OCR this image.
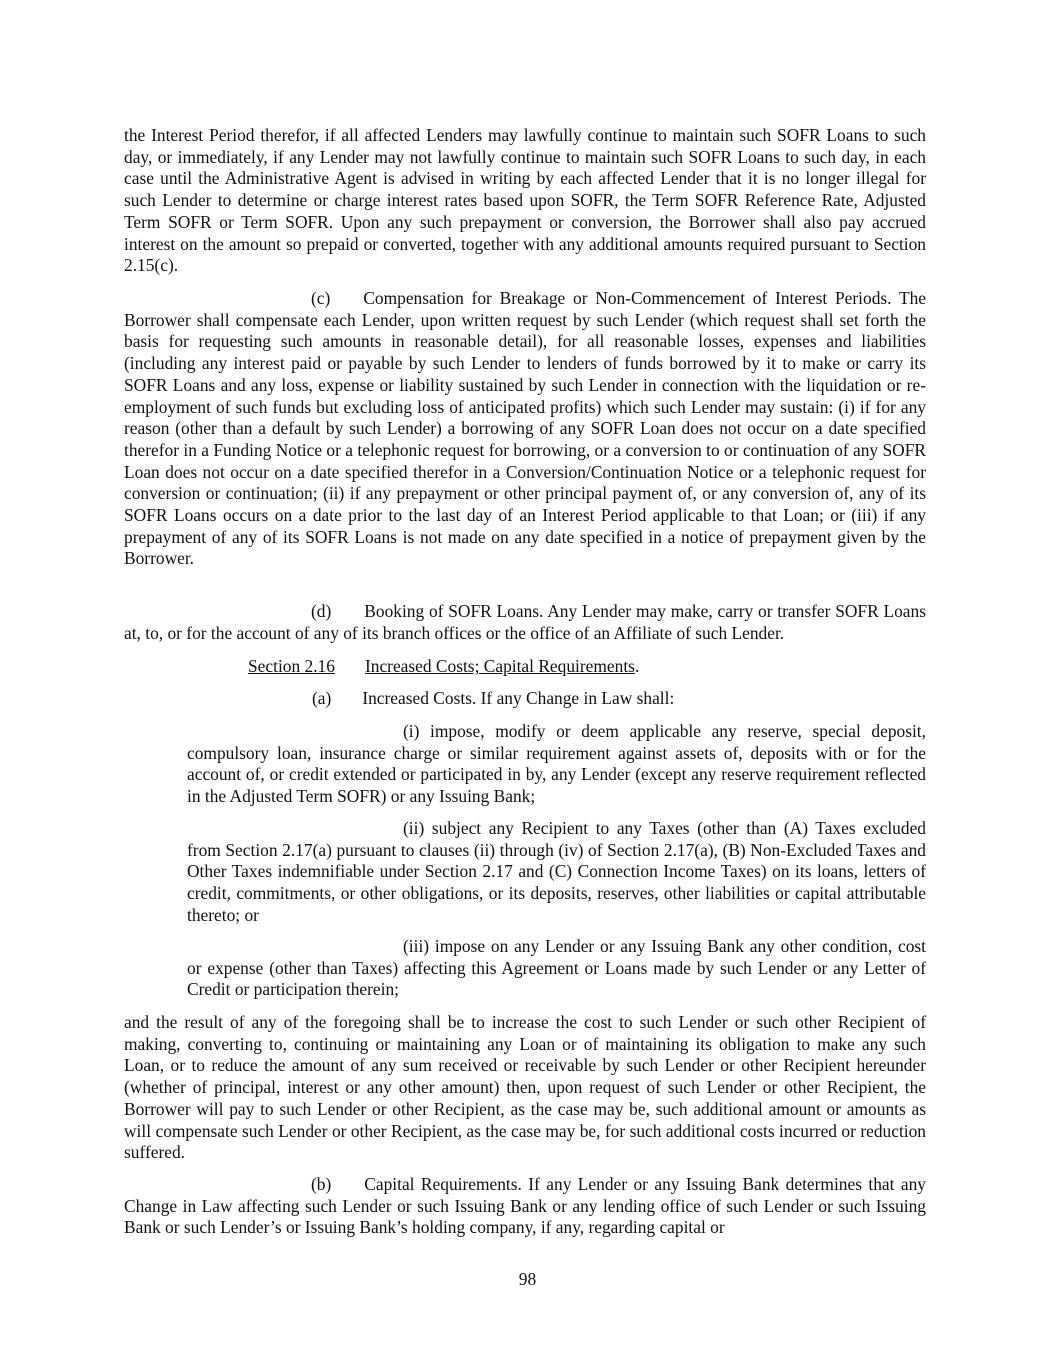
the Interest Period therefor, if all affected Lenders may lawfully continue to maintain such SOFR Loans to such day, or immediately, if any Lender may not lawfully continue to maintain such SOFR Loans to such day, in each case until the Administrative Agent is advised in writing by each affected Lender that it is no longer illegal for such Lender to determine or charge interest rates based upon SOFR, the Term SOFR Reference Rate, Adjusted Term SOFR or Term SOFR. Upon any such prepayment or conversion, the Borrower shall also pay accrued interest on the amount so prepaid or converted, together with any additional amounts required pursuant to Section 2.15(c).

(c) Compensation for Breakage or Non-Commencement of Interest Periods. The Borrower shall compensate each Lender, upon written request by such Lender (which request shall set forth the basis for requesting such amounts in reasonable detail), for all reasonable losses, expenses and liabilities (including any interest paid or payable by such Lender to lenders of funds borrowed by it to make or carry its SOFR Loans and any loss, expense or liability sustained by such Lender in connection with the liquidation or re-employment of such funds but excluding loss of anticipated profits) which such Lender may sustain: (i) if for any reason (other than a default by such Lender) a borrowing of any SOFR Loan does not occur on a date specified therefor in a Funding Notice or a telephonic request for borrowing, or a conversion to or continuation of any SOFR Loan does not occur on a date specified therefor in a Conversion/Continuation Notice or a telephonic request for conversion or continuation; (ii) if any prepayment or other principal payment of, or any conversion of, any of its SOFR Loans occurs on a date prior to the last day of an Interest Period applicable to that Loan; or (iii) if any prepayment of any of its SOFR Loans is not made on any date specified in a notice of prepayment given by the Borrower.

(d) Booking of SOFR Loans. Any Lender may make, carry or transfer SOFR Loans at, to, or for the account of any of its branch offices or the office of an Affiliate of such Lender.

Section 2.16 Increased Costs; Capital Requirements.

(a) Increased Costs. If any Change in Law shall:

(i) impose, modify or deem applicable any reserve, special deposit, compulsory loan, insurance charge or similar requirement against assets of, deposits with or for the account of, or credit extended or participated in by, any Lender (except any reserve requirement reflected in the Adjusted Term SOFR) or any Issuing Bank;

(ii) subject any Recipient to any Taxes (other than (A) Taxes excluded from Section 2.17(a) pursuant to clauses (ii) through (iv) of Section 2.17(a), (B) Non-Excluded Taxes and Other Taxes indemnifiable under Section 2.17 and (C) Connection Income Taxes) on its loans, letters of credit, commitments, or other obligations, or its deposits, reserves, other liabilities or capital attributable thereto; or

(iii) impose on any Lender or any Issuing Bank any other condition, cost or expense (other than Taxes) affecting this Agreement or Loans made by such Lender or any Letter of Credit or participation therein;

and the result of any of the foregoing shall be to increase the cost to such Lender or such other Recipient of making, converting to, continuing or maintaining any Loan or of maintaining its obligation to make any such Loan, or to reduce the amount of any sum received or receivable by such Lender or other Recipient hereunder (whether of principal, interest or any other amount) then, upon request of such Lender or other Recipient, the Borrower will pay to such Lender or other Recipient, as the case may be, such additional amount or amounts as will compensate such Lender or other Recipient, as the case may be, for such additional costs incurred or reduction suffered.

(b) Capital Requirements. If any Lender or any Issuing Bank determines that any Change in Law affecting such Lender or such Issuing Bank or any lending office of such Lender or such Issuing Bank or such Lender’s or Issuing Bank’s holding company, if any, regarding capital or

98
